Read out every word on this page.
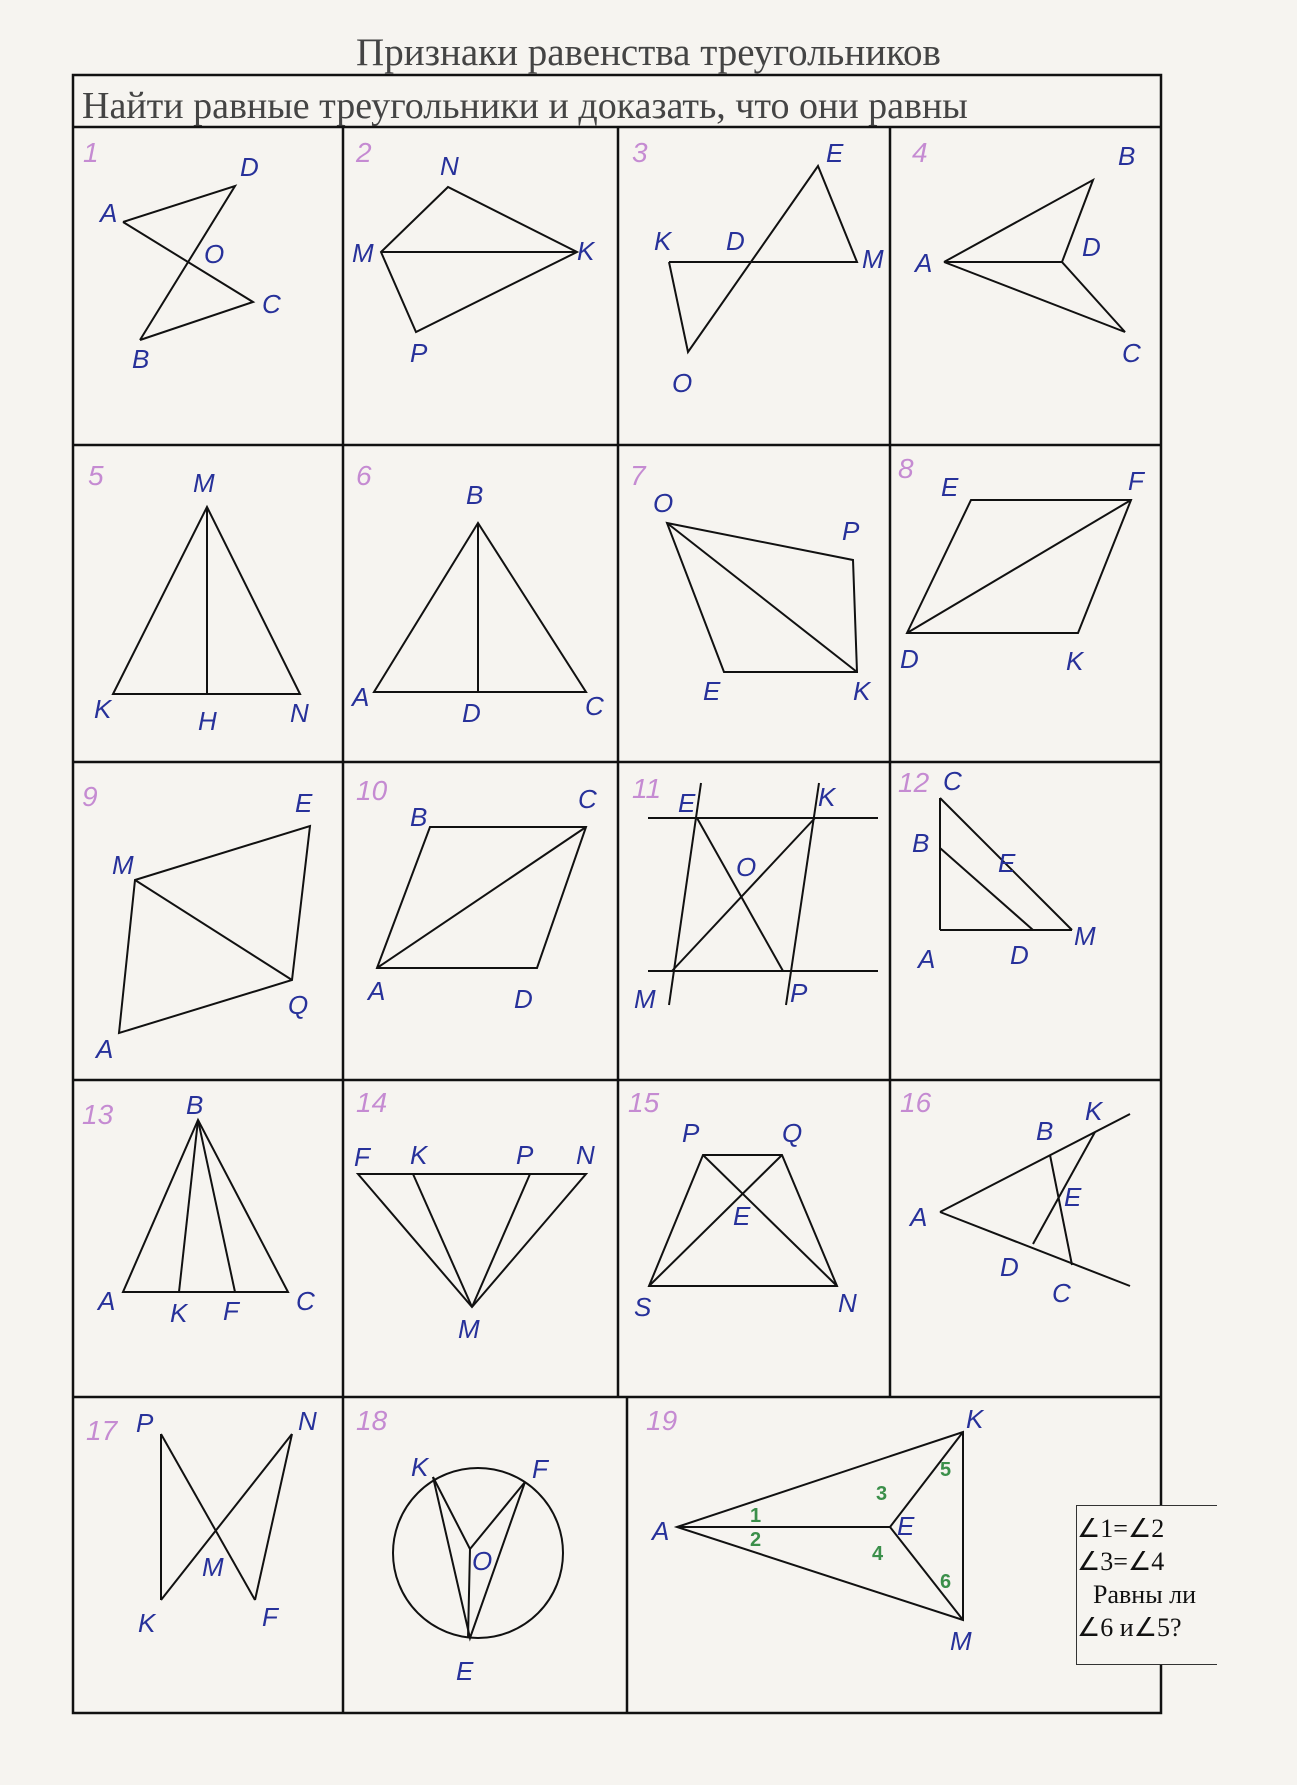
Признаки равенства треугольников
Найти равные треугольники и доказать, что они равны
1
A
D
O
C
B
2	N
M	K
P
3	E
K D
M
O
4	B
A
D
C
5	M
K	H	N
6
B
A
D	C
7
O
P
E	K
8
E	F
D	K
9
M
E
A
Q
10
B
C
A	D
11 E	K
O
M	P
12 C
B
E
A	D
M
13	B
A K F C
14
F K	P N
M
15
P	Q
E
S	N
16
B
K
A
E
D
C
17 P	N
M
K	F
18
K	F
O
E
19	K
A	E
M
1
2
3
4
5
6
∠1=∠2
∠3=∠4
Равны ли
∠6 и∠5?
